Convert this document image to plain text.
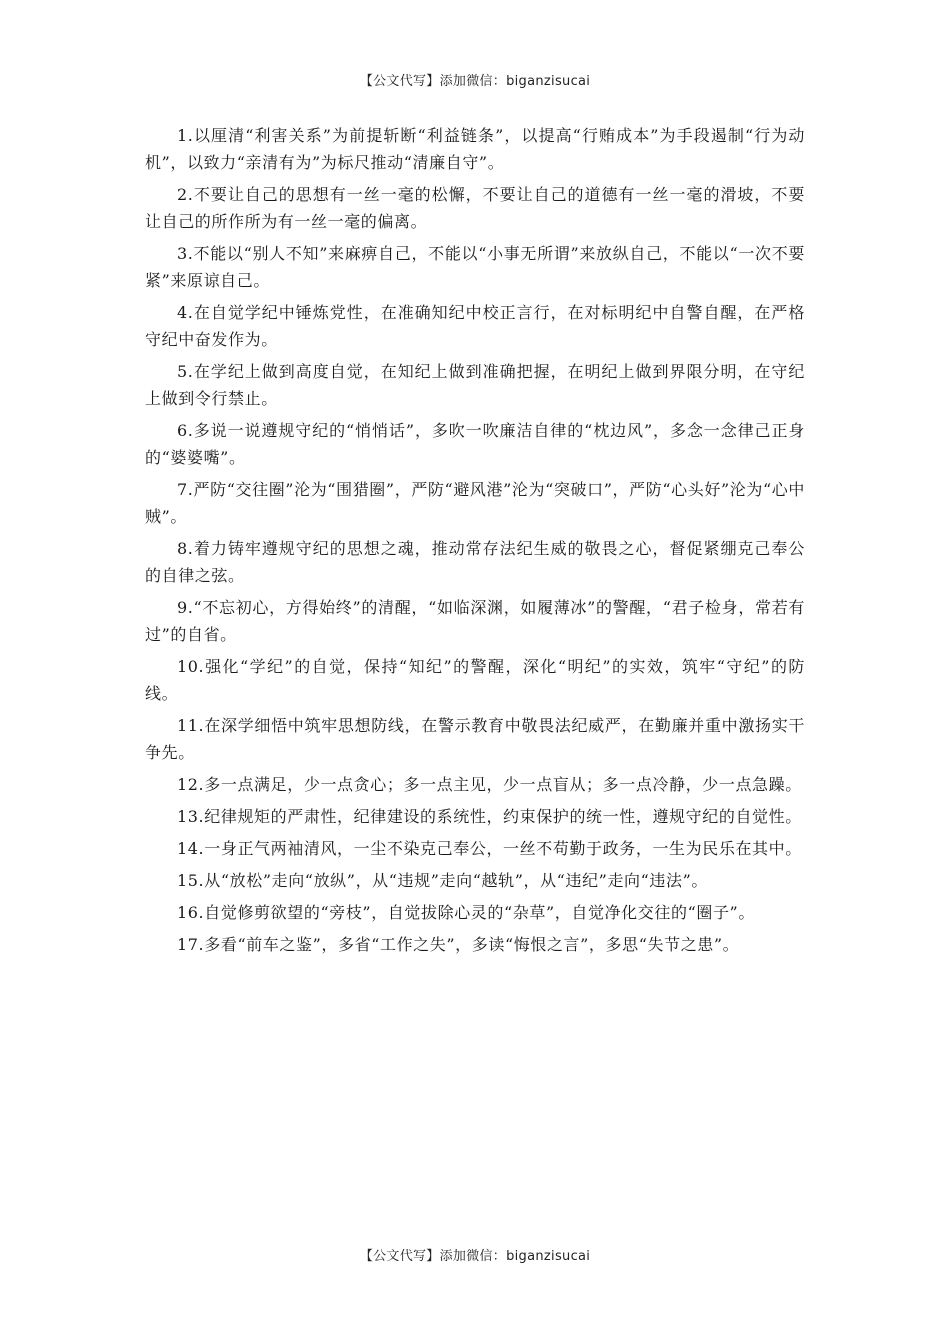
【公文代写】添加微信：biganzisucai

1.以厘清“利害关系”为前提斩断“利益链条”，以提高“行贿成本”为手段遏制“行为动机”，以致力“亲清有为”为标尺推动“清廉自守”。

2.不要让自己的思想有一丝一毫的松懈，不要让自己的道德有一丝一毫的滑坡，不要让自己的所作所为有一丝一毫的偏离。

3.不能以“别人不知”来麻痹自己，不能以“小事无所谓”来放纵自己，不能以“一次不要紧”来原谅自己。

4.在自觉学纪中锤炼党性，在准确知纪中校正言行，在对标明纪中自警自醒，在严格守纪中奋发作为。

5.在学纪上做到高度自觉，在知纪上做到准确把握，在明纪上做到界限分明，在守纪上做到令行禁止。

6.多说一说遵规守纪的“悄悄话”，多吹一吹廉洁自律的“枕边风”，多念一念律己正身的“婆婆嘴”。

7.严防“交往圈”沦为“围猎圈”，严防“避风港”沦为“突破口”，严防“心头好”沦为“心中贼”。

8.着力铸牢遵规守纪的思想之魂，推动常存法纪生威的敬畏之心，督促紧绷克己奉公的自律之弦。

9.“不忘初心，方得始终”的清醒，“如临深渊，如履薄冰”的警醒，“君子检身，常若有过”的自省。

10.强化“学纪”的自觉，保持“知纪”的警醒，深化“明纪”的实效，筑牢“守纪”的防线。

11.在深学细悟中筑牢思想防线，在警示教育中敬畏法纪威严，在勤廉并重中激扬实干争先。

12.多一点满足，少一点贪心；多一点主见，少一点盲从；多一点冷静，少一点急躁。

13.纪律规矩的严肃性，纪律建设的系统性，约束保护的统一性，遵规守纪的自觉性。

14.一身正气两袖清风，一尘不染克己奉公，一丝不苟勤于政务，一生为民乐在其中。

15.从“放松”走向“放纵”，从“违规”走向“越轨”，从“违纪”走向“违法”。

16.自觉修剪欲望的“旁枝”，自觉拔除心灵的“杂草”，自觉净化交往的“圈子”。

17.多看“前车之鉴”，多省“工作之失”，多读“悔恨之言”，多思“失节之患”。

【公文代写】添加微信：biganzisucai
